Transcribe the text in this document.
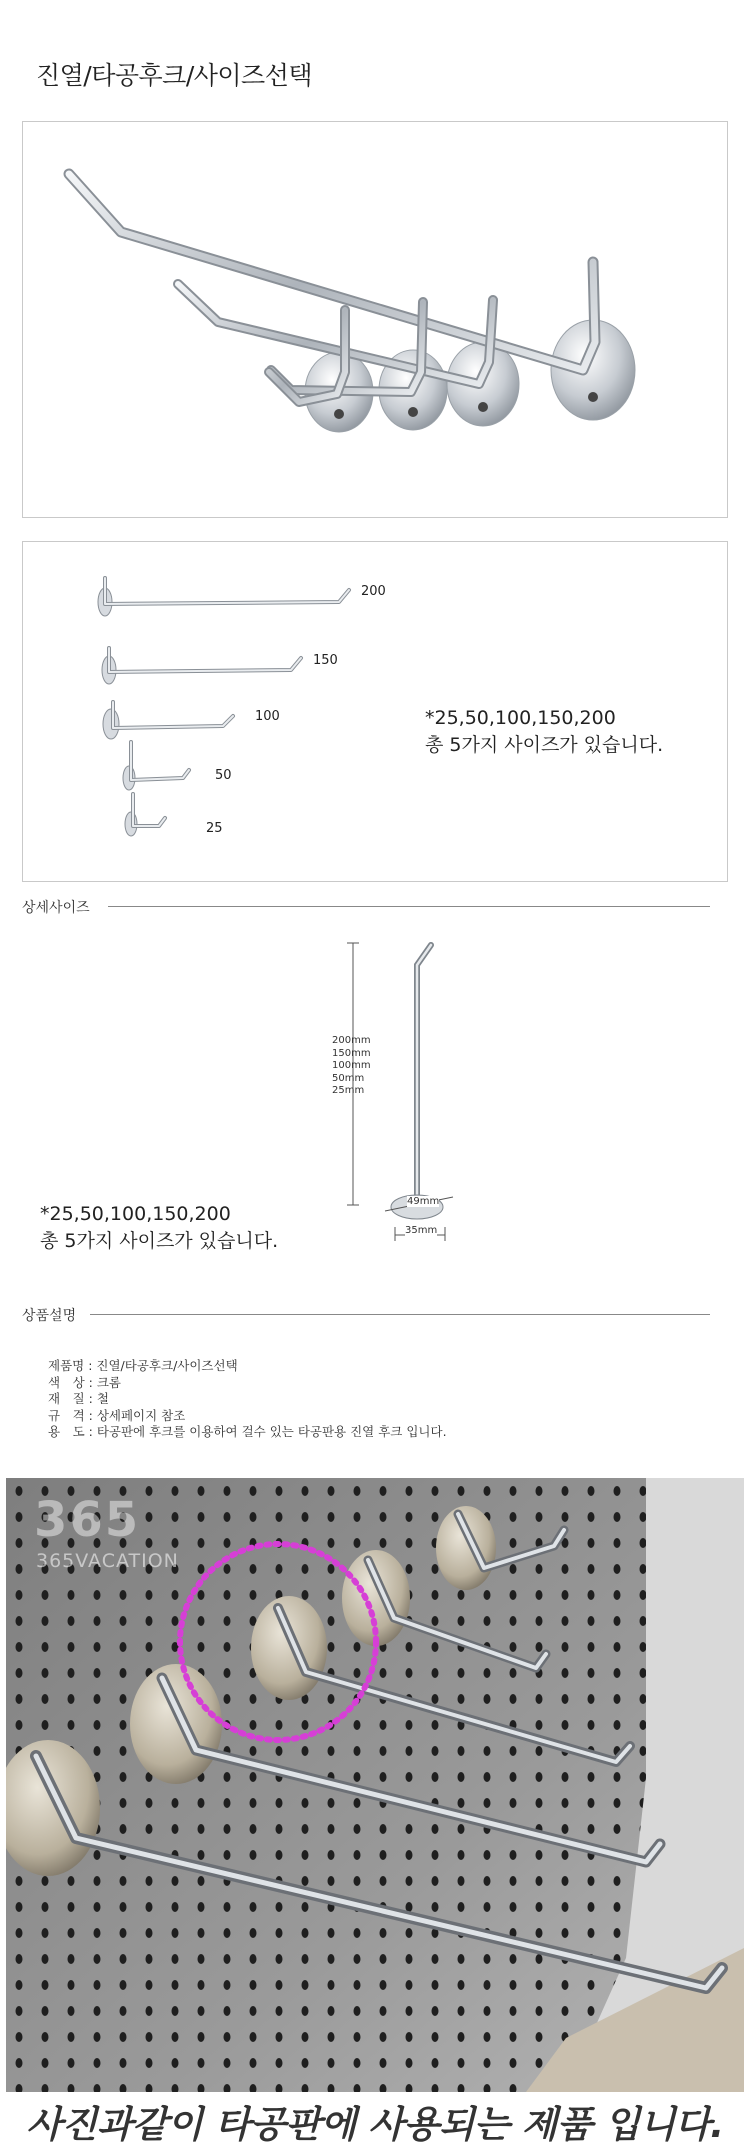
진열/타공후크/사이즈선택
200
150
100
50
25
*25,50,100,150,200
총 5가지 사이즈가 있습니다.
상세사이즈
200mm
150mm
100mm
50mm
25mm
49mm
35mm
*25,50,100,150,200
총 5가지 사이즈가 있습니다.
상품설명
제품명 : 진열/타공후크/사이즈선택
색　상 : 크롬
재　질 : 철
규　격 : 상세페이지 참조
용　도 : 타공판에 후크를 이용하여 걸수 있는 타공판용 진열 후크 입니다.
365
365VACATION
사진과같이 타공판에 사용되는 제품 입니다.
